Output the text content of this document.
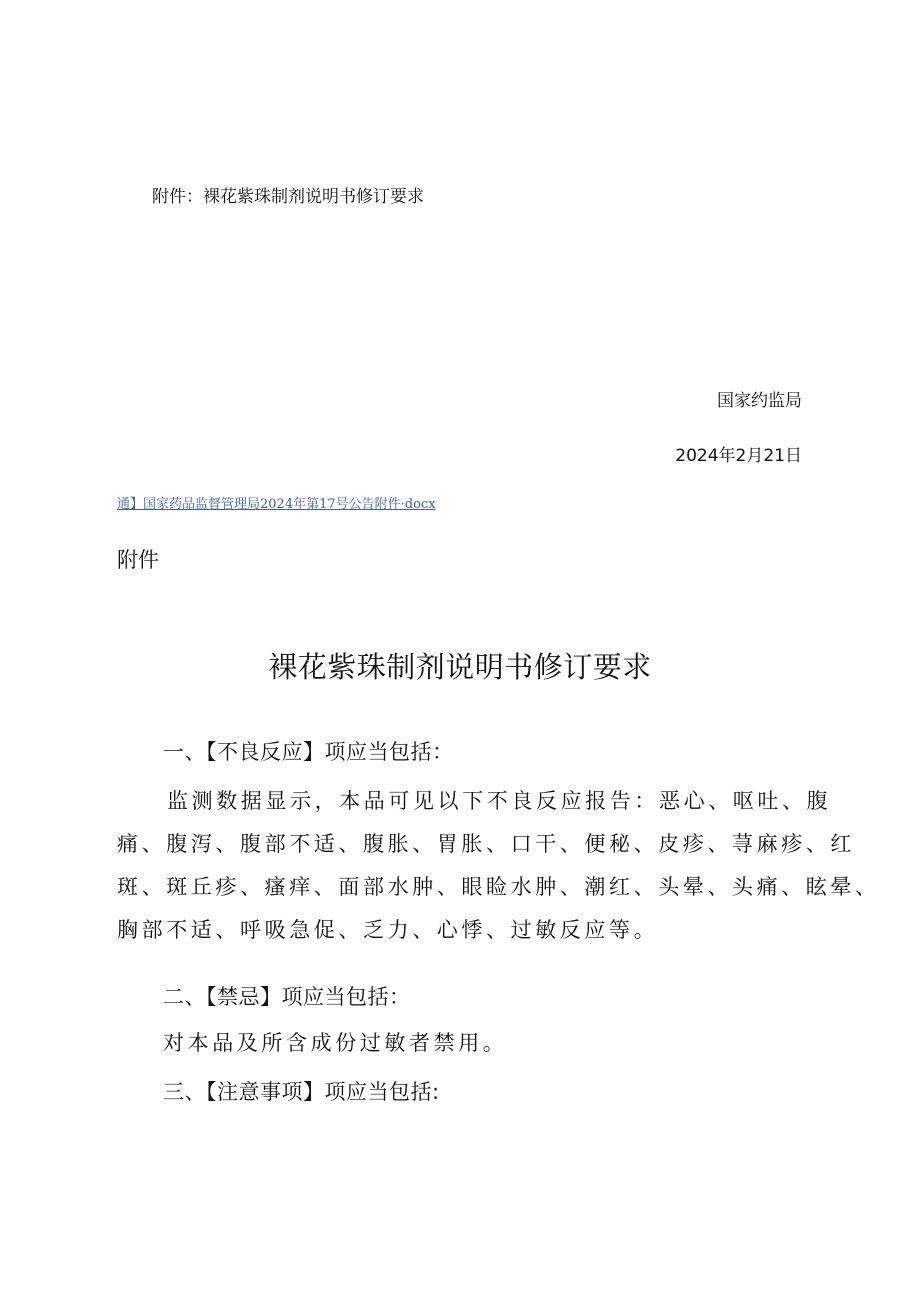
附件：裸花紫珠制剂说明书修订要求
国家约监局
2024年2月21日
通】国家药品监督管理局2024年第17号公告附件·docx
附件
裸花紫珠制剂说明书修订要求
一、【不良反应】项应当包括：
监测数据显示，本品可见以下不良反应报告：恶心、呕吐、腹
痛、腹泻、腹部不适、腹胀、胃胀、口干、便秘、皮疹、荨麻疹、红
斑、斑丘疹、瘙痒、面部水肿、眼睑水肿、潮红、头晕、头痛、眩晕、
胸部不适、呼吸急促、乏力、心悸、过敏反应等。
二、【禁忌】项应当包括：
对本品及所含成份过敏者禁用。
三、【注意事项】项应当包括:
